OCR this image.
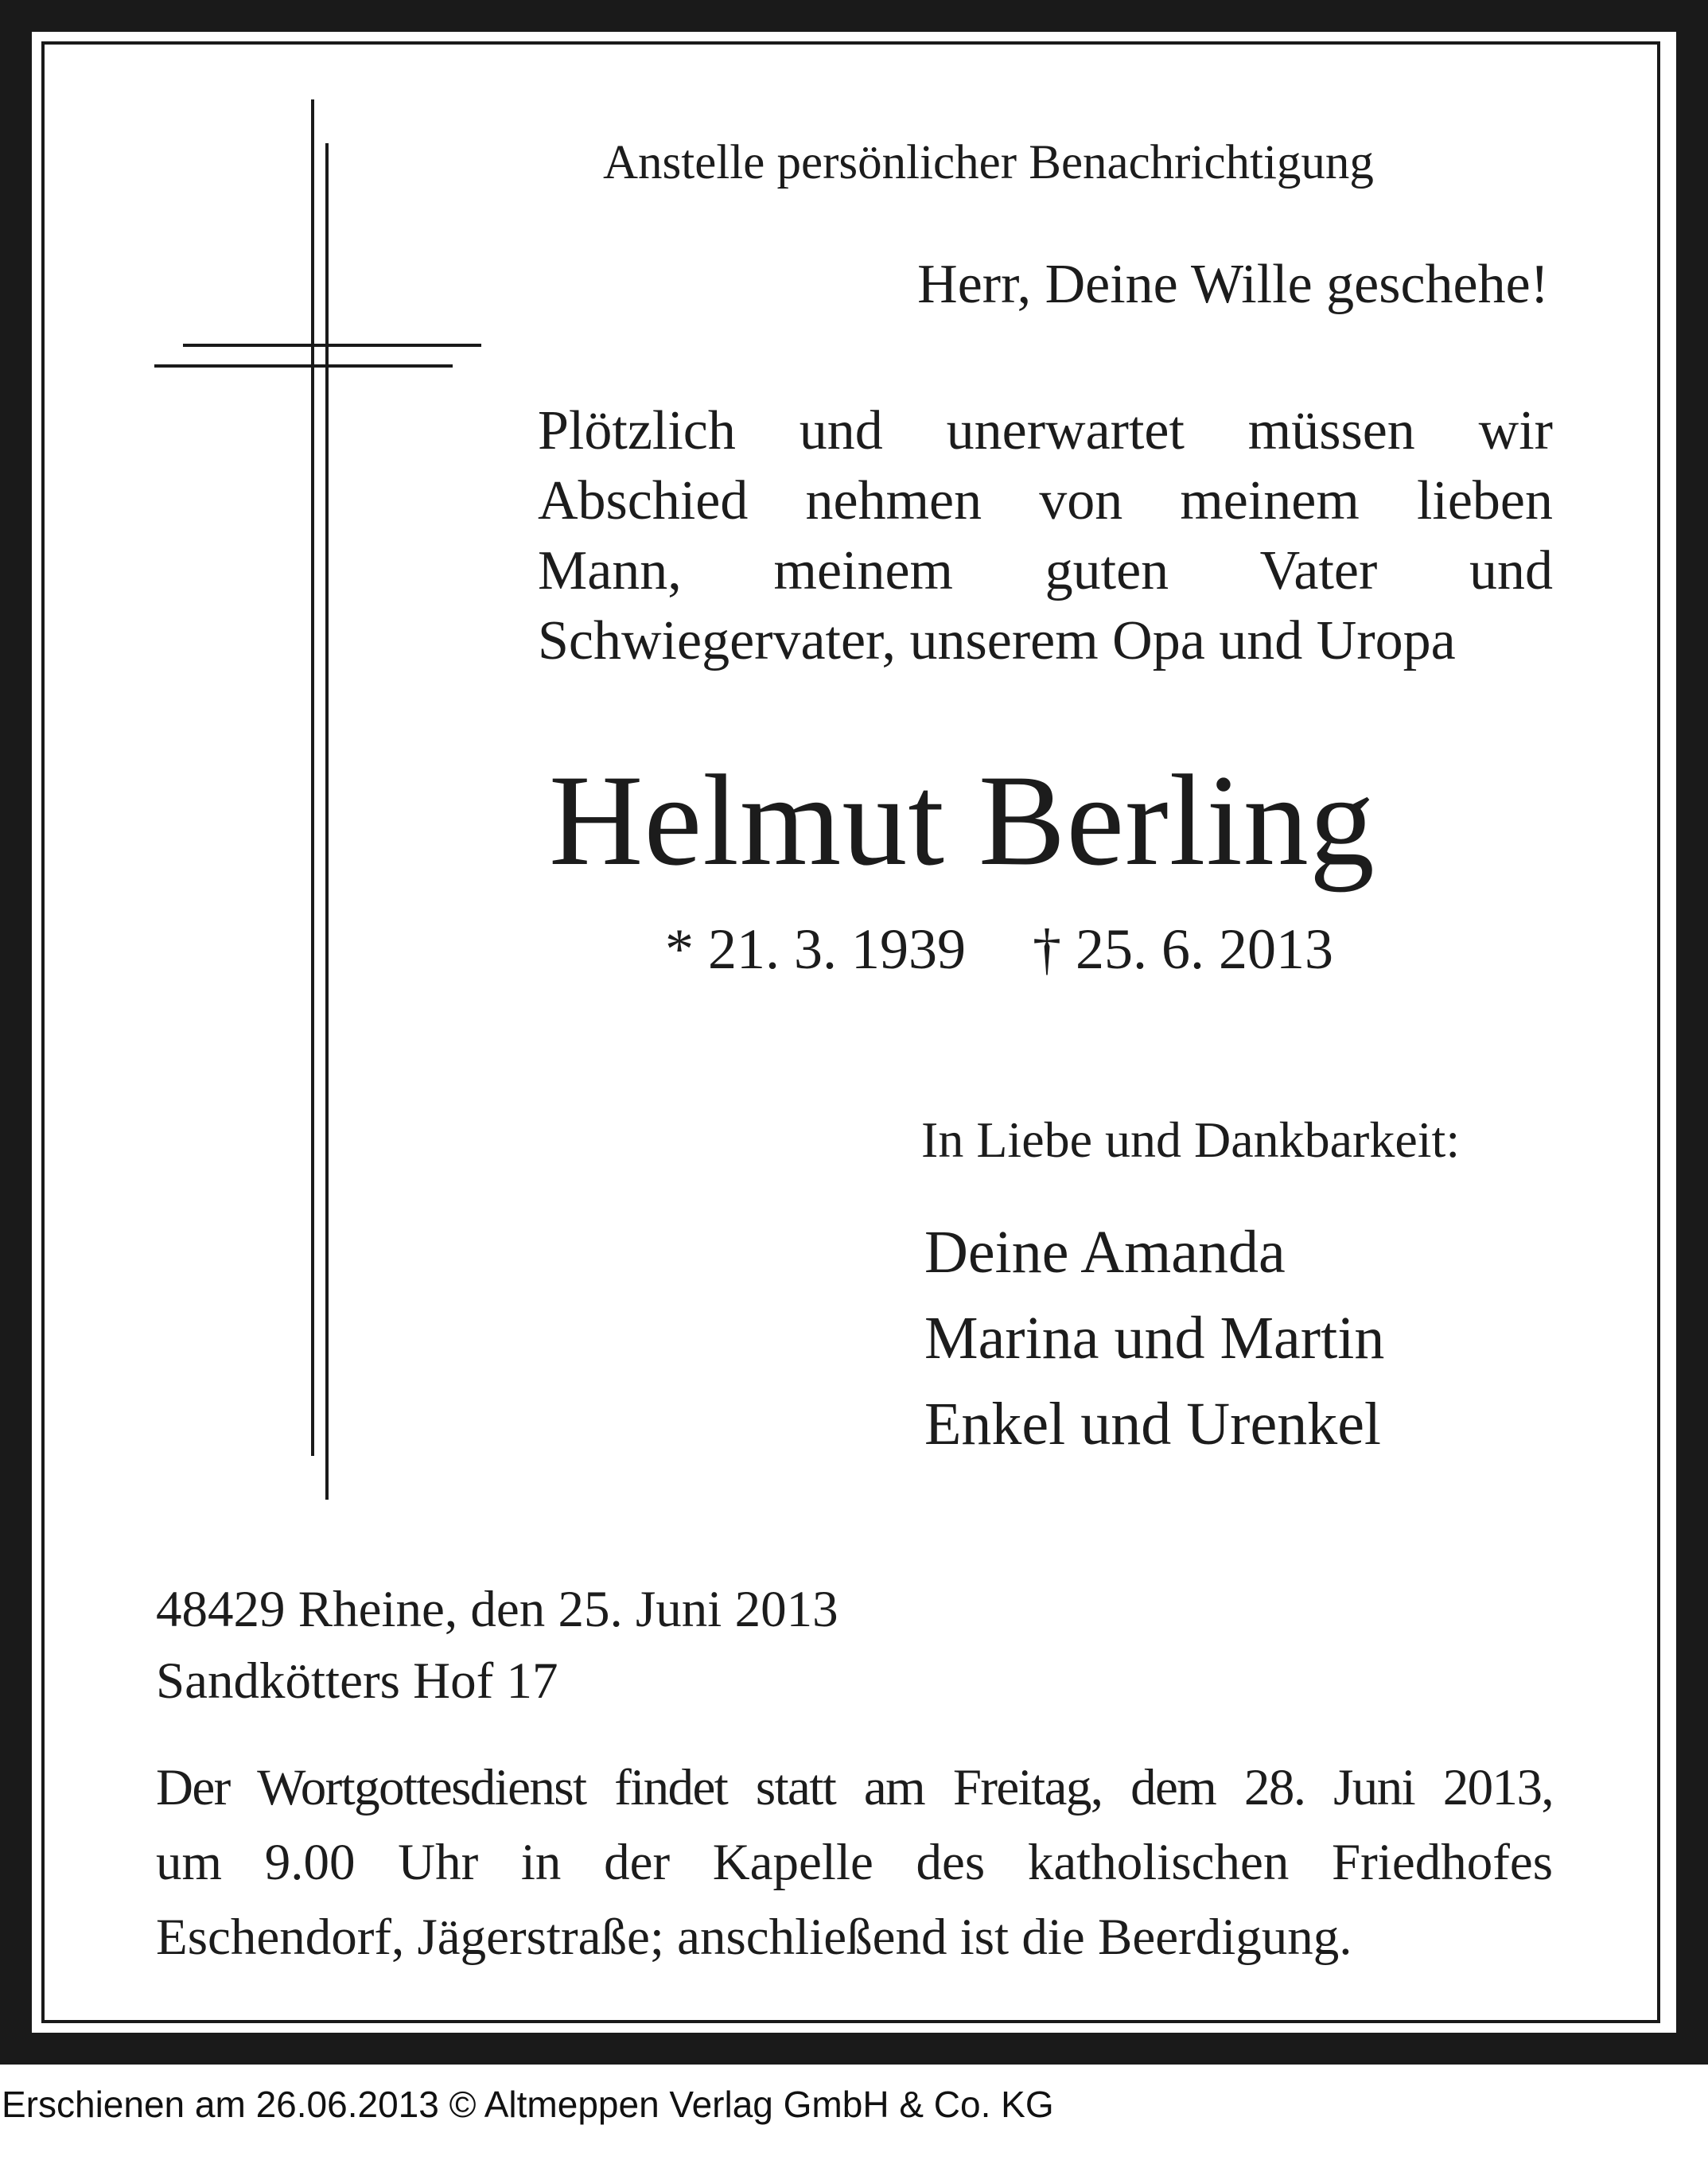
Anstelle persönlicher Benachrichtigung

Herr, Deine Wille geschehe!

Plötzlich und unerwartet müssen wir
Abschied nehmen von meinem lieben
Mann, meinem guten Vater und
Schwiegervater, unserem Opa und Uropa
Helmut Berling
* 21. 3. 1939 † 25. 6. 2013

In Liebe und Dankbarkeit:

Deine Amanda
Marina und Martin
Enkel und Urenkel
48429 Rheine, den 25. Juni 2013
Sandkötters Hof 17
Der Wortgottesdienst findet statt am Freitag, dem 28. Juni 2013,
um 9.00 Uhr in der Kapelle des katholischen Friedhofes
Eschendorf, Jägerstraße; anschließend ist die Beerdigung.
Erschienen am 26.06.2013 © Altmeppen Verlag GmbH & Co. KG
